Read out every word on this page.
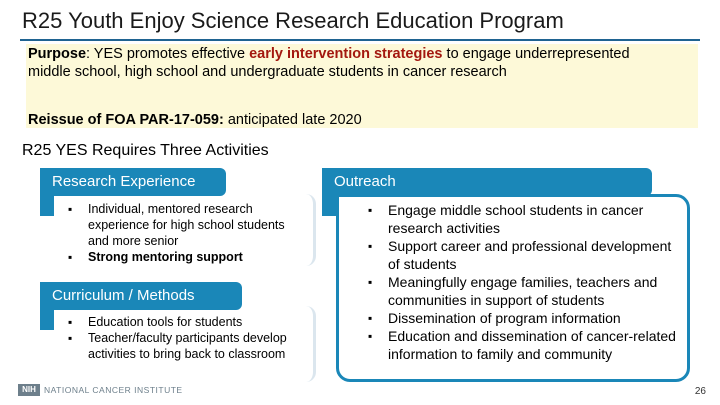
R25 Youth Enjoy Science Research Education Program
Purpose: YES promotes effective early intervention strategies to engage underrepresented middle school, high school and undergraduate students in cancer research
Reissue of FOA PAR-17-059: anticipated late 2020
R25 YES Requires Three Activities
Research Experience
▪ Individual, mentored research experience for high school students and more senior
▪ Strong mentoring support
Curriculum / Methods
▪ Education tools for students
▪ Teacher/faculty participants develop activities to bring back to classroom
Outreach
▪ Engage middle school students in cancer research activities
▪ Support career and professional development of students
▪ Meaningfully engage families, teachers and communities in support of students
▪ Dissemination of program information
▪ Education and dissemination of cancer-related information to family and community
NIH NATIONAL CANCER INSTITUTE	26
